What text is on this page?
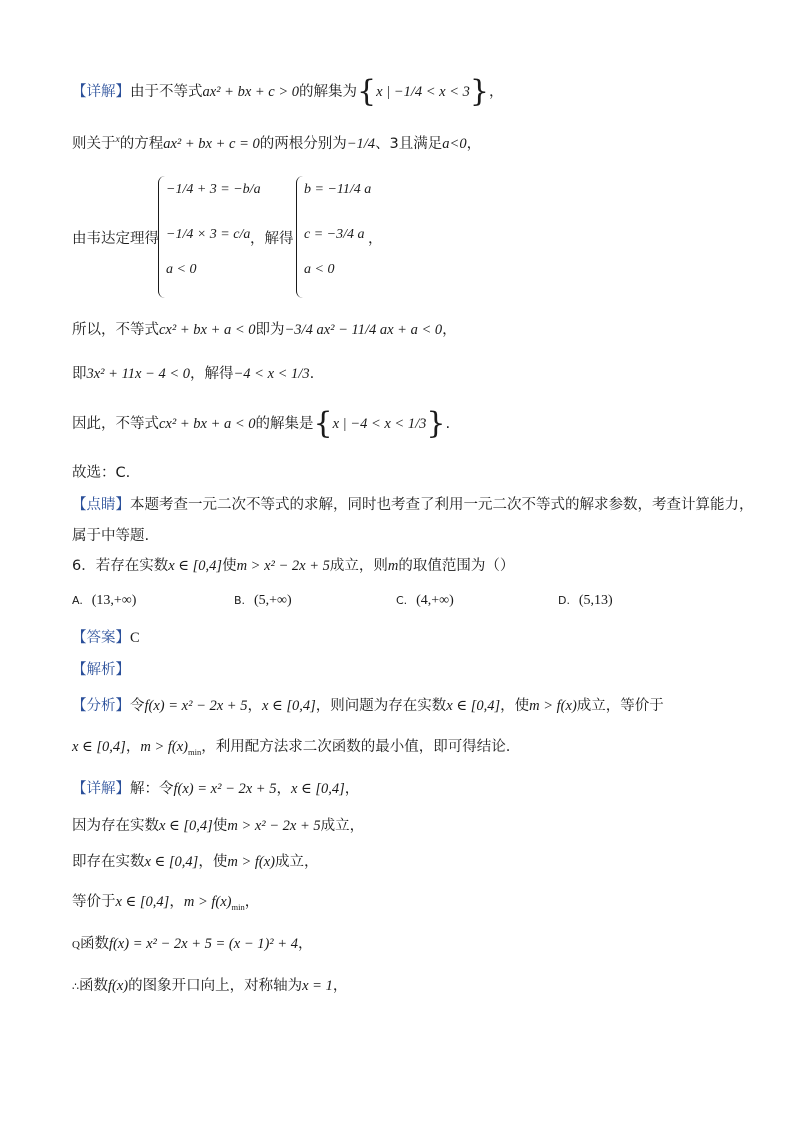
【详解】由于不等式ax² + bx + c > 0的解集为{x | −1/4 < x < 3}，
则关于$^x$的方程ax² + bx + c = 0的两根分别为−1/4、3且满足a<0，
由韦达定理得
−1/4 + 3 = −b/a
−1/4 × 3 = c/a
a < 0
，解得
b = −11/4 a
c = −3/4 a
a < 0
，
所以，不等式cx² + bx + a < 0即为−3/4 ax² − 11/4 ax + a < 0，
即3x² + 11x − 4 < 0，解得−4 < x < 1/3.
因此，不等式cx² + bx + a < 0的解集是{x | −4 < x < 1/3}.
故选：C.
【点睛】本题考查一元二次不等式的求解，同时也考查了利用一元二次不等式的解求参数，考查计算能力，
属于中等题.
6．若存在实数x ∈ [0,4]使m > x² − 2x + 5成立，则m的取值范围为（）
A. (13,+∞)	B. (5,+∞)	C. (4,+∞)	D. (5,13)
【答案】C
【解析】
【分析】令f(x) = x² − 2x + 5，x ∈ [0,4]，则问题为存在实数x ∈ [0,4]，使m > f(x)成立，等价于
x ∈ [0,4]，$m > f(x)_{min}$，利用配方法求二次函数的最小值，即可得结论.
【详解】解：令f(x) = x² − 2x + 5，x ∈ [0,4]，
因为存在实数x ∈ [0,4]使m > x² − 2x + 5成立，
即存在实数x ∈ [0,4]，使m > f(x)成立，
等价于x ∈ [0,4]，$m > f(x)_{min}$，
Q函数f(x) = x² − 2x + 5 = (x − 1)² + 4，
∴函数f(x)的图象开口向上，对称轴为x = 1，
